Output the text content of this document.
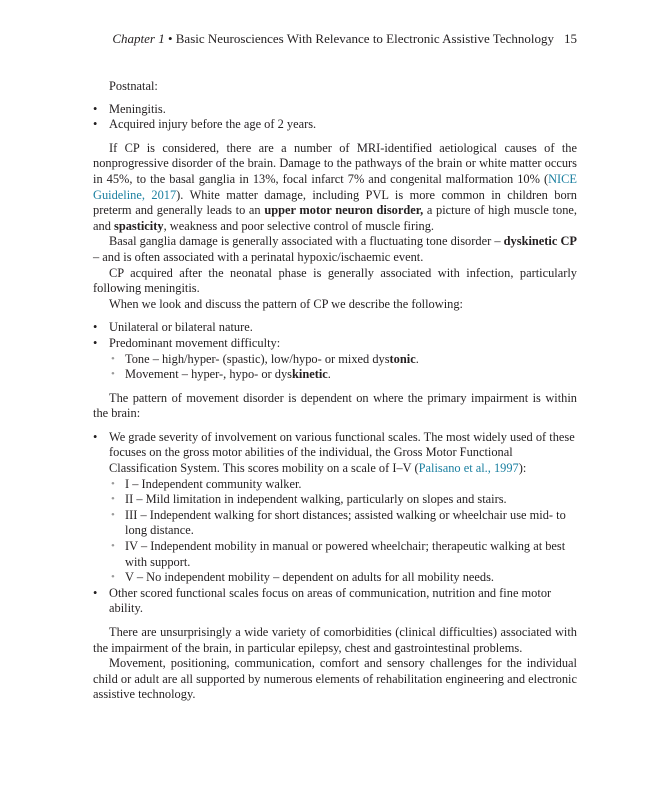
Chapter 1 • Basic Neurosciences With Relevance to Electronic Assistive Technology 15

Postnatal:

• Meningitis.
• Acquired injury before the age of 2 years.

If CP is considered, there are a number of MRI-identified aetiological causes of the nonprogressive disorder of the brain. Damage to the pathways of the brain or white matter occurs in 45%, to the basal ganglia in 13%, focal infarct 7% and congenital malformation 10% (NICE Guideline, 2017). White matter damage, including PVL is more common in children born preterm and generally leads to an upper motor neuron disorder, a picture of high muscle tone, and spasticity, weakness and poor selective control of muscle firing.

Basal ganglia damage is generally associated with a fluctuating tone disorder – dyskinetic CP – and is often associated with a perinatal hypoxic/ischaemic event.

CP acquired after the neonatal phase is generally associated with infection, particularly following meningitis.

When we look and discuss the pattern of CP we describe the following:

• Unilateral or bilateral nature.
• Predominant movement difficulty:
• Tone – high/hyper- (spastic), low/hypo- or mixed dystonic.
• Movement – hyper-, hypo- or dyskinetic.

The pattern of movement disorder is dependent on where the primary impairment is within the brain:

• We grade severity of involvement on various functional scales. The most widely used of these focuses on the gross motor abilities of the individual, the Gross Motor Functional Classification System. This scores mobility on a scale of I–V (Palisano et al., 1997):
• I – Independent community walker.
• II – Mild limitation in independent walking, particularly on slopes and stairs.
• III – Independent walking for short distances; assisted walking or wheelchair use mid- to long distance.
• IV – Independent mobility in manual or powered wheelchair; therapeutic walking at best with support.
• V – No independent mobility – dependent on adults for all mobility needs.
• Other scored functional scales focus on areas of communication, nutrition and fine motor ability.

There are unsurprisingly a wide variety of comorbidities (clinical difficulties) associated with the impairment of the brain, in particular epilepsy, chest and gastrointestinal problems.

Movement, positioning, communication, comfort and sensory challenges for the individual child or adult are all supported by numerous elements of rehabilitation engineering and electronic assistive technology.
